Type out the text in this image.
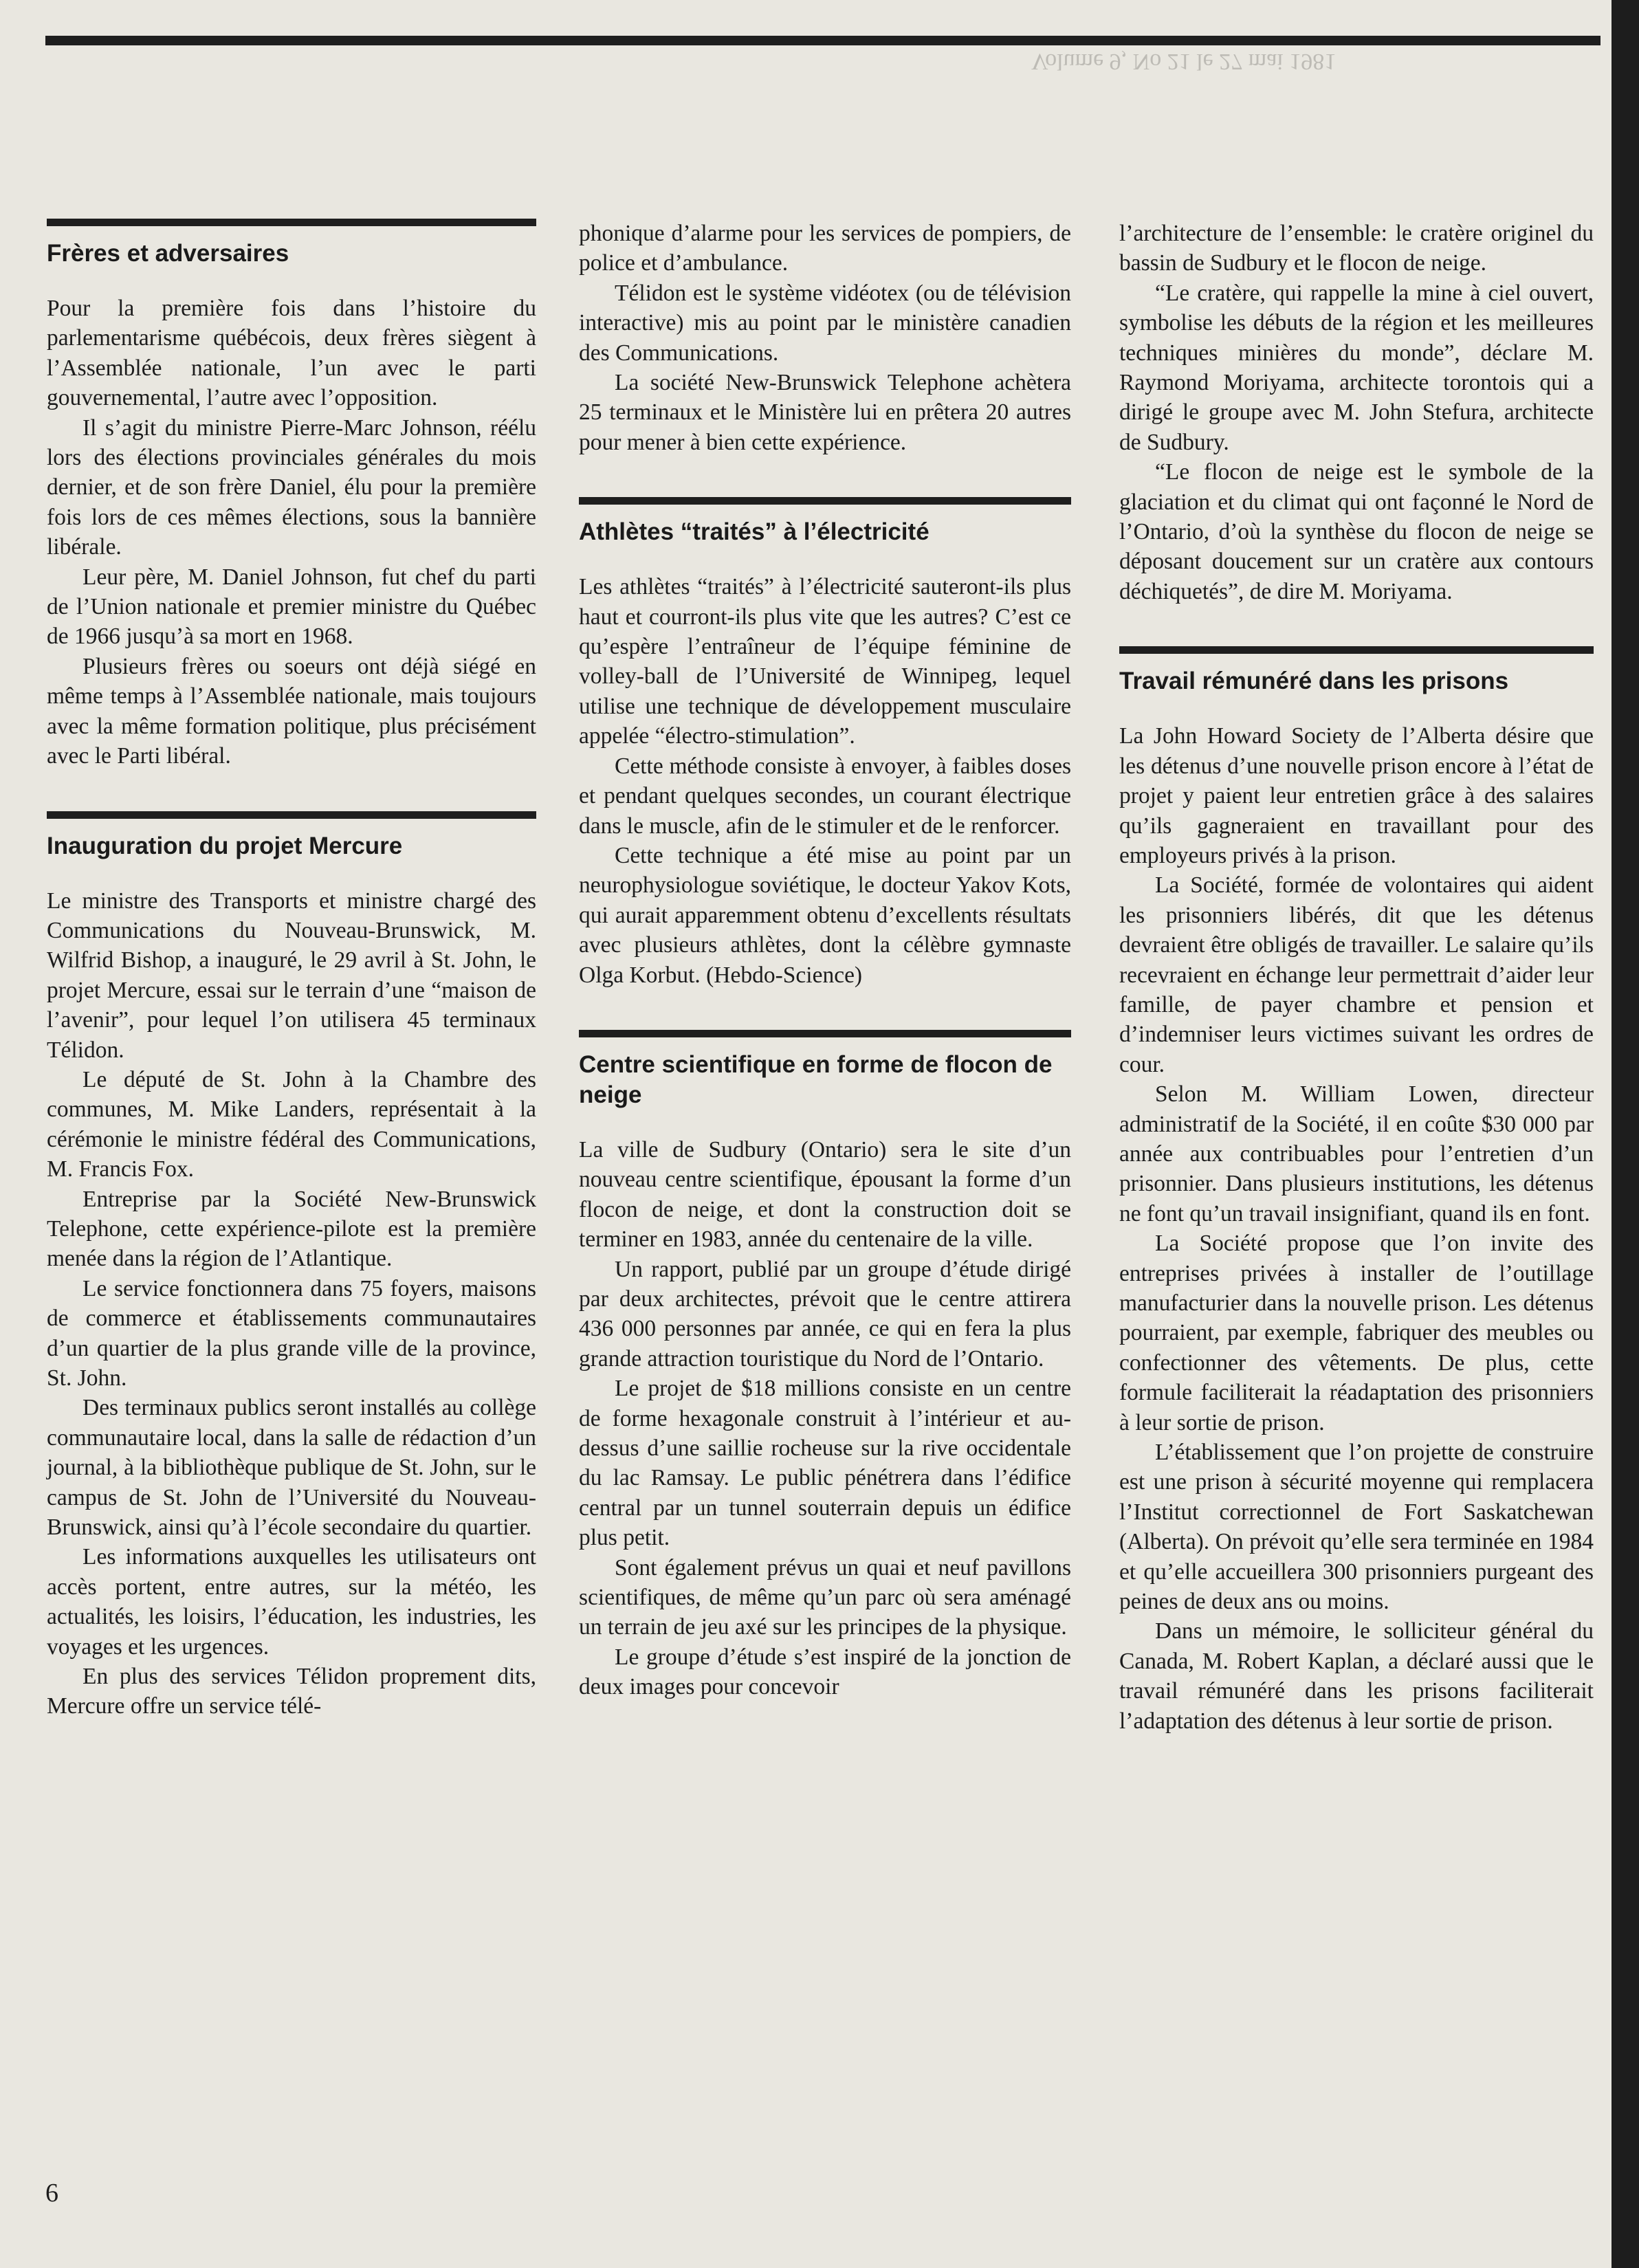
Volume 9, No 21 le 27 mai 1981
Frères et adversaires

Pour la première fois dans l’histoire du parlementarisme québécois, deux frères siègent à l’Assemblée nationale, l’un avec le parti gouvernemental, l’autre avec l’opposition.

Il s’agit du ministre Pierre-Marc Johnson, réélu lors des élections provinciales générales du mois dernier, et de son frère Daniel, élu pour la première fois lors de ces mêmes élections, sous la bannière libérale.

Leur père, M. Daniel Johnson, fut chef du parti de l’Union nationale et premier ministre du Québec de 1966 jusqu’à sa mort en 1968.

Plusieurs frères ou soeurs ont déjà siégé en même temps à l’Assemblée nationale, mais toujours avec la même formation politique, plus précisément avec le Parti libéral.

Inauguration du projet Mercure

Le ministre des Transports et ministre chargé des Communications du Nouveau-Brunswick, M. Wilfrid Bishop, a inauguré, le 29 avril à St. John, le projet Mercure, essai sur le terrain d’une “maison de l’avenir”, pour lequel l’on utilisera 45 terminaux Télidon.

Le député de St. John à la Chambre des communes, M. Mike Landers, représentait à la cérémonie le ministre fédéral des Communications, M. Francis Fox.

Entreprise par la Société New-Brunswick Telephone, cette expérience-pilote est la première menée dans la région de l’Atlantique.

Le service fonctionnera dans 75 foyers, maisons de commerce et établissements communautaires d’un quartier de la plus grande ville de la province, St. John.

Des terminaux publics seront installés au collège communautaire local, dans la salle de rédaction d’un journal, à la bibliothèque publique de St. John, sur le campus de St. John de l’Université du Nouveau-Brunswick, ainsi qu’à l’école secondaire du quartier.

Les informations auxquelles les utilisateurs ont accès portent, entre autres, sur la météo, les actualités, les loisirs, l’éducation, les industries, les voyages et les urgences.

En plus des services Télidon proprement dits, Mercure offre un service télé-

phonique d’alarme pour les services de pompiers, de police et d’ambulance.

Télidon est le système vidéotex (ou de télévision interactive) mis au point par le ministère canadien des Communications.

La société New-Brunswick Telephone achètera 25 terminaux et le Ministère lui en prêtera 20 autres pour mener à bien cette expérience.

Athlètes “traités” à l’électricité

Les athlètes “traités” à l’électricité sauteront-ils plus haut et courront-ils plus vite que les autres? C’est ce qu’espère l’entraîneur de l’équipe féminine de volley-ball de l’Université de Winnipeg, lequel utilise une technique de développement musculaire appelée “électro-stimulation”.

Cette méthode consiste à envoyer, à faibles doses et pendant quelques secondes, un courant électrique dans le muscle, afin de le stimuler et de le renforcer.

Cette technique a été mise au point par un neurophysiologue soviétique, le docteur Yakov Kots, qui aurait apparemment obtenu d’excellents résultats avec plusieurs athlètes, dont la célèbre gymnaste Olga Korbut. (Hebdo-Science)

Centre scientifique en forme de flocon de neige

La ville de Sudbury (Ontario) sera le site d’un nouveau centre scientifique, épousant la forme d’un flocon de neige, et dont la construction doit se terminer en 1983, année du centenaire de la ville.

Un rapport, publié par un groupe d’étude dirigé par deux architectes, prévoit que le centre attirera 436 000 personnes par année, ce qui en fera la plus grande attraction touristique du Nord de l’Ontario.

Le projet de $18 millions consiste en un centre de forme hexagonale construit à l’intérieur et au-dessus d’une saillie rocheuse sur la rive occidentale du lac Ramsay. Le public pénétrera dans l’édifice central par un tunnel souterrain depuis un édifice plus petit.

Sont également prévus un quai et neuf pavillons scientifiques, de même qu’un parc où sera aménagé un terrain de jeu axé sur les principes de la physique.

Le groupe d’étude s’est inspiré de la jonction de deux images pour concevoir

l’architecture de l’ensemble: le cratère originel du bassin de Sudbury et le flocon de neige.

“Le cratère, qui rappelle la mine à ciel ouvert, symbolise les débuts de la région et les meilleures techniques minières du monde”, déclare M. Raymond Moriyama, architecte torontois qui a dirigé le groupe avec M. John Stefura, architecte de Sudbury.

“Le flocon de neige est le symbole de la glaciation et du climat qui ont façonné le Nord de l’Ontario, d’où la synthèse du flocon de neige se déposant doucement sur un cratère aux contours déchiquetés”, de dire M. Moriyama.

Travail rémunéré dans les prisons

La John Howard Society de l’Alberta désire que les détenus d’une nouvelle prison encore à l’état de projet y paient leur entretien grâce à des salaires qu’ils gagneraient en travaillant pour des employeurs privés à la prison.

La Société, formée de volontaires qui aident les prisonniers libérés, dit que les détenus devraient être obligés de travailler. Le salaire qu’ils recevraient en échange leur permettrait d’aider leur famille, de payer chambre et pension et d’indemniser leurs victimes suivant les ordres de cour.

Selon M. William Lowen, directeur administratif de la Société, il en coûte $30 000 par année aux contribuables pour l’entretien d’un prisonnier. Dans plusieurs institutions, les détenus ne font qu’un travail insignifiant, quand ils en font.

La Société propose que l’on invite des entreprises privées à installer de l’outillage manufacturier dans la nouvelle prison. Les détenus pourraient, par exemple, fabriquer des meubles ou confectionner des vêtements. De plus, cette formule faciliterait la réadaptation des prisonniers à leur sortie de prison.

L’établissement que l’on projette de construire est une prison à sécurité moyenne qui remplacera l’Institut correctionnel de Fort Saskatchewan (Alberta). On prévoit qu’elle sera terminée en 1984 et qu’elle accueillera 300 prisonniers purgeant des peines de deux ans ou moins.

Dans un mémoire, le solliciteur général du Canada, M. Robert Kaplan, a déclaré aussi que le travail rémunéré dans les prisons faciliterait l’adaptation des détenus à leur sortie de prison.

6
